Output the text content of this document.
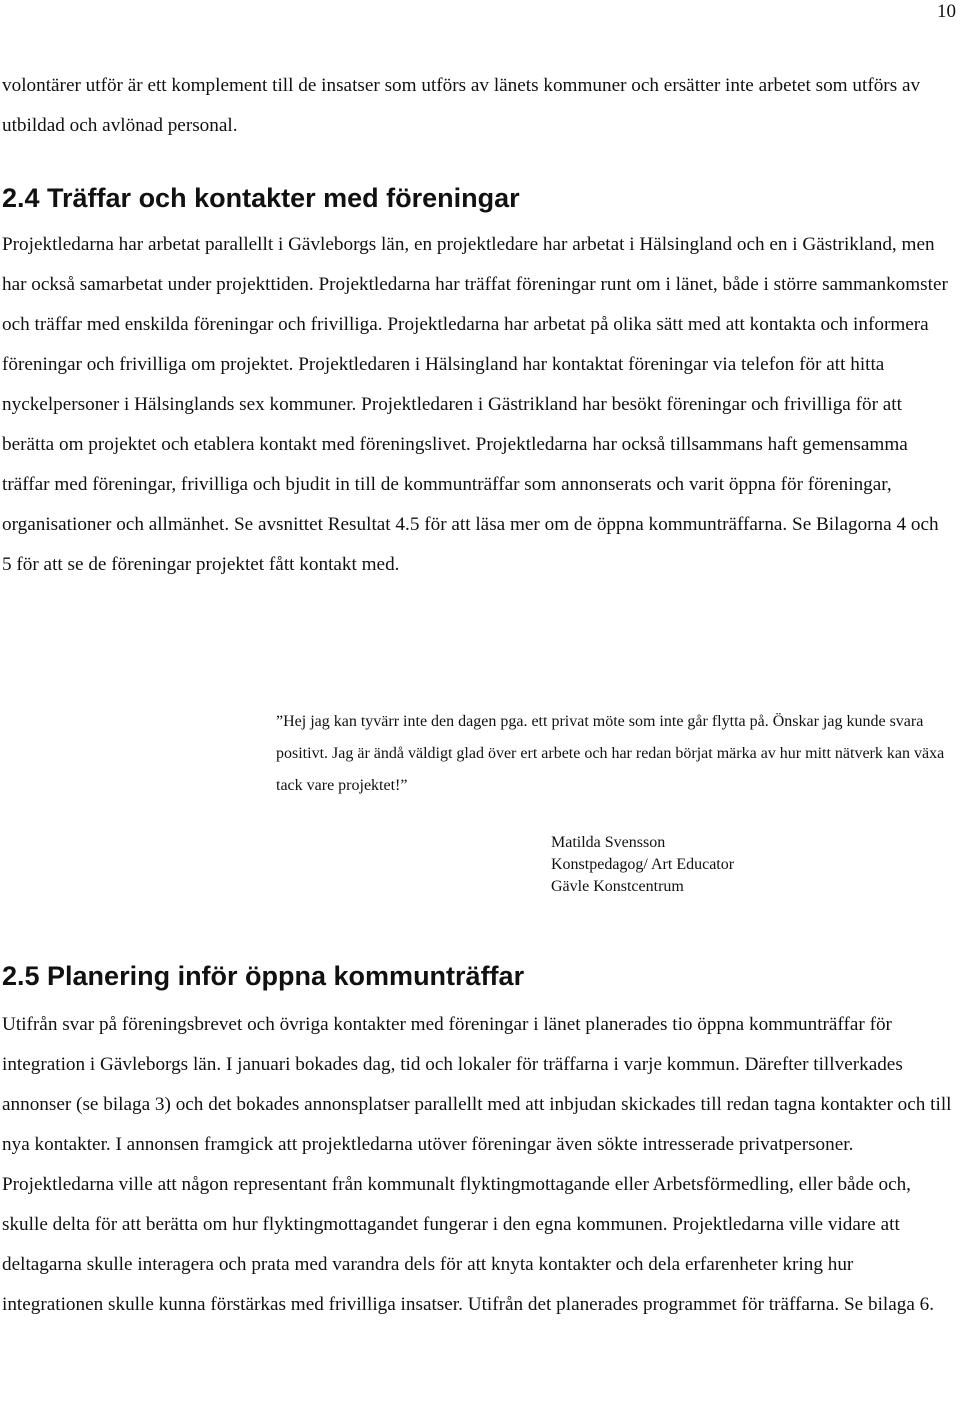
10

volontärer utför är ett komplement till de insatser som utförs av länets kommuner och ersätter inte arbetet som utförs av utbildad och avlönad personal.

2.4 Träffar och kontakter med föreningar

Projektledarna har arbetat parallellt i Gävleborgs län, en projektledare har arbetat i Hälsingland och en i Gästrikland, men har också samarbetat under projekttiden. Projektledarna har träffat föreningar runt om i länet, både i större sammankomster och träffar med enskilda föreningar och frivilliga. Projektledarna har arbetat på olika sätt med att kontakta och informera föreningar och frivilliga om projektet. Projektledaren i Hälsingland har kontaktat föreningar via telefon för att hitta nyckelpersoner i Hälsinglands sex kommuner. Projektledaren i Gästrikland har besökt föreningar och frivilliga för att berätta om projektet och etablera kontakt med föreningslivet. Projektledarna har också tillsammans haft gemensamma träffar med föreningar, frivilliga och bjudit in till de kommunträffar som annonserats och varit öppna för föreningar, organisationer och allmänhet. Se avsnittet Resultat 4.5 för att läsa mer om de öppna kommunträffarna. Se Bilagorna 4 och 5 för att se de föreningar projektet fått kontakt med.

”Hej jag kan tyvärr inte den dagen pga. ett privat möte som inte går flytta på. Önskar jag kunde svara positivt. Jag är ändå väldigt glad över ert arbete och har redan börjat märka av hur mitt nätverk kan växa tack vare projektet!”

Matilda Svensson
Konstpedagog/ Art Educator
Gävle Konstcentrum
2.5 Planering inför öppna kommunträffar

Utifrån svar på föreningsbrevet och övriga kontakter med föreningar i länet planerades tio öppna kommunträffar för integration i Gävleborgs län. I januari bokades dag, tid och lokaler för träffarna i varje kommun. Därefter tillverkades annonser (se bilaga 3) och det bokades annonsplatser parallellt med att inbjudan skickades till redan tagna kontakter och till nya kontakter. I annonsen framgick att projektledarna utöver föreningar även sökte intresserade privatpersoner. Projektledarna ville att någon representant från kommunalt flyktingmottagande eller Arbetsförmedling, eller både och, skulle delta för att berätta om hur flyktingmottagandet fungerar i den egna kommunen. Projektledarna ville vidare att deltagarna skulle interagera och prata med varandra dels för att knyta kontakter och dela erfarenheter kring hur integrationen skulle kunna förstärkas med frivilliga insatser. Utifrån det planerades programmet för träffarna. Se bilaga 6.
